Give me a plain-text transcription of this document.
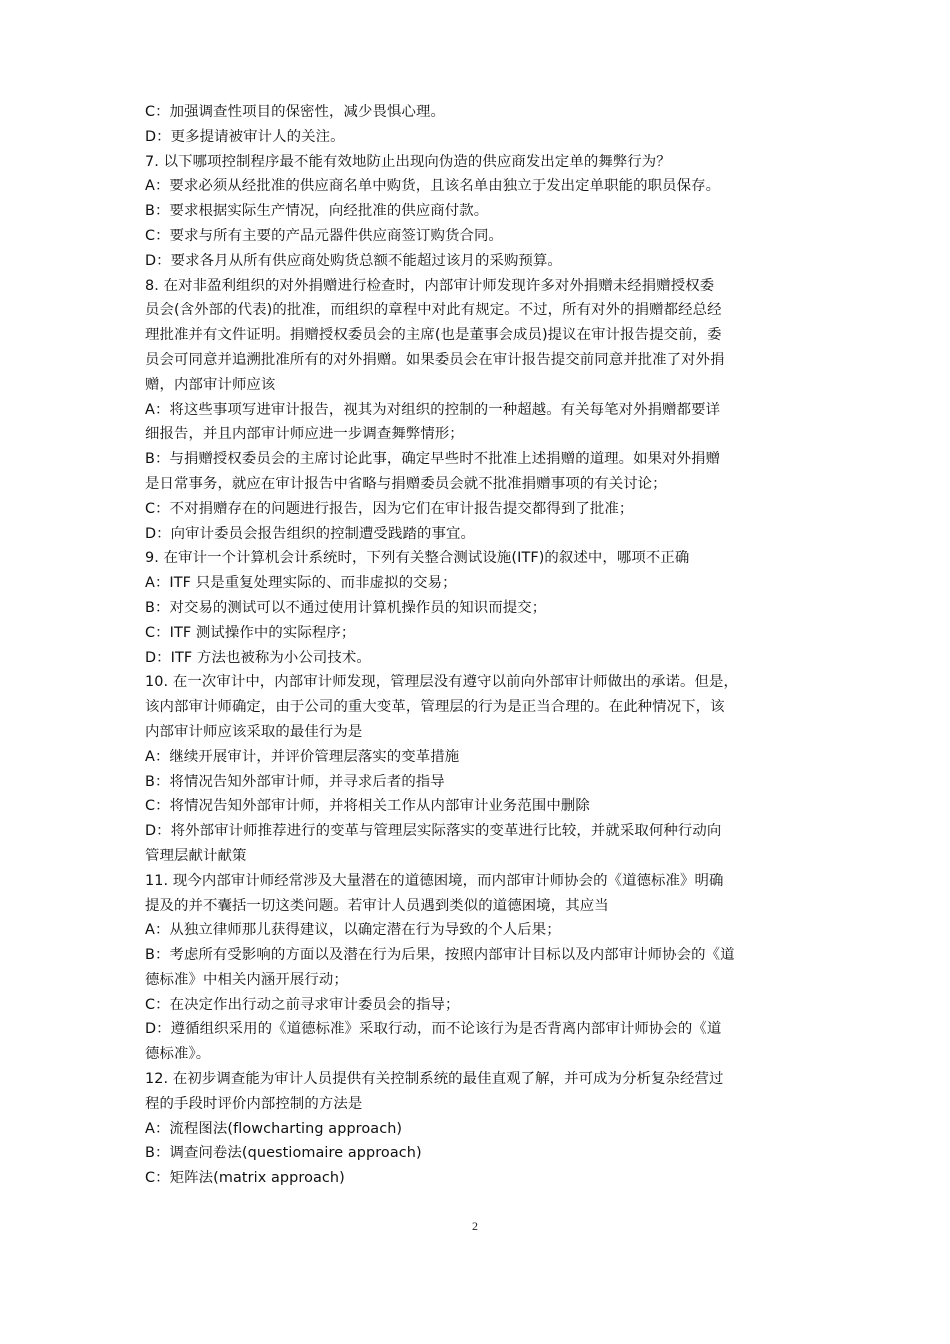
C：加强调查性项目的保密性，减少畏惧心理。
D：更多提请被审计人的关注。
7. 以下哪项控制程序最不能有效地防止出现向伪造的供应商发出定单的舞弊行为？
A：要求必须从经批准的供应商名单中购货，且该名单由独立于发出定单职能的职员保存。
B：要求根据实际生产情况，向经批准的供应商付款。
C：要求与所有主要的产品元器件供应商签订购货合同。
D：要求各月从所有供应商处购货总额不能超过该月的采购预算。
8. 在对非盈利组织的对外捐赠进行检查时，内部审计师发现许多对外捐赠未经捐赠授权委
员会(含外部的代表)的批准，而组织的章程中对此有规定。不过，所有对外的捐赠都经总经
理批准并有文件证明。捐赠授权委员会的主席(也是董事会成员)提议在审计报告提交前，委
员会可同意并追溯批准所有的对外捐赠。如果委员会在审计报告提交前同意并批准了对外捐
赠，内部审计师应该
A：将这些事项写进审计报告，视其为对组织的控制的一种超越。有关每笔对外捐赠都要详
细报告，并且内部审计师应进一步调查舞弊情形；
B：与捐赠授权委员会的主席讨论此事，确定早些时不批准上述捐赠的道理。如果对外捐赠
是日常事务，就应在审计报告中省略与捐赠委员会就不批准捐赠事项的有关讨论；
C：不对捐赠存在的问题进行报告，因为它们在审计报告提交都得到了批准；
D：向审计委员会报告组织的控制遭受践踏的事宜。
9. 在审计一个计算机会计系统时，下列有关整合测试设施(ITF)的叙述中，哪项不正确
A：ITF 只是重复处理实际的、而非虚拟的交易；
B：对交易的测试可以不通过使用计算机操作员的知识而提交；
C：ITF 测试操作中的实际程序；
D：ITF 方法也被称为小公司技术。
10. 在一次审计中，内部审计师发现，管理层没有遵守以前向外部审计师做出的承诺。但是，
该内部审计师确定，由于公司的重大变革，管理层的行为是正当合理的。在此种情况下，该
内部审计师应该采取的最佳行为是
A：继续开展审计，并评价管理层落实的变革措施
B：将情况告知外部审计师，并寻求后者的指导
C：将情况告知外部审计师，并将相关工作从内部审计业务范围中删除
D：将外部审计师推荐进行的变革与管理层实际落实的变革进行比较，并就采取何种行动向
管理层献计献策
11. 现今内部审计师经常涉及大量潜在的道德困境，而内部审计师协会的《道德标准》明确
提及的并不囊括一切这类问题。若审计人员遇到类似的道德困境，其应当
A：从独立律师那儿获得建议，以确定潜在行为导致的个人后果；
B：考虑所有受影响的方面以及潜在行为后果，按照内部审计目标以及内部审计师协会的《道
德标准》中相关内涵开展行动；
C：在决定作出行动之前寻求审计委员会的指导；
D：遵循组织采用的《道德标准》采取行动，而不论该行为是否背离内部审计师协会的《道
德标准》。
12. 在初步调查能为审计人员提供有关控制系统的最佳直观了解，并可成为分析复杂经营过
程的手段时评价内部控制的方法是
A：流程图法(flowcharting approach)
B：调查问卷法(questiomaire approach)
C：矩阵法(matrix approach)
2
